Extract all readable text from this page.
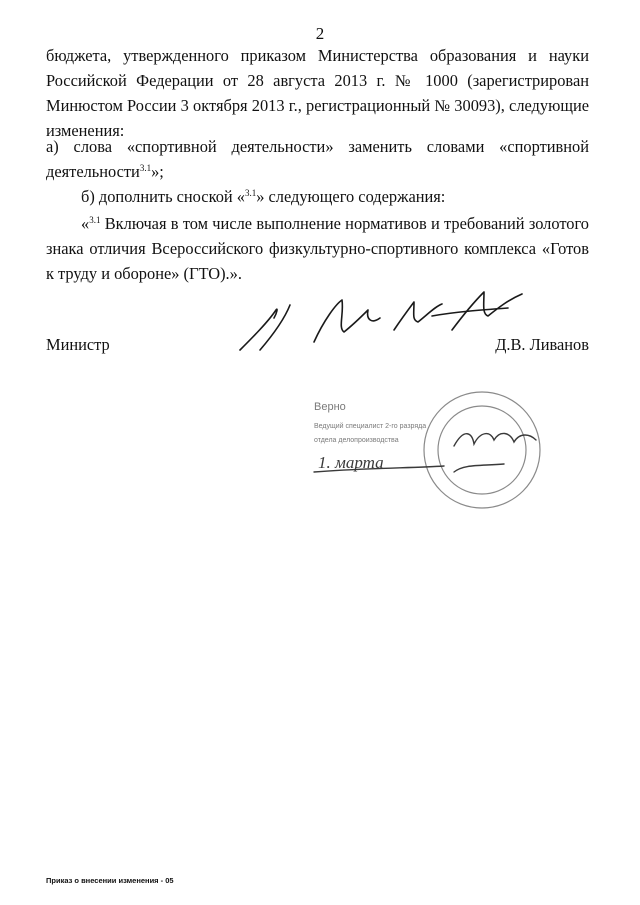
2

бюджета, утвержденного приказом Министерства образования и науки Российской Федерации от 28 августа 2013 г. № 1000 (зарегистрирован Минюстом России 3 октября 2013 г., регистрационный № 30093), следующие изменения:

а) слова «спортивной деятельности» заменить словами «спортивной деятельности$^{3.1}$»;

б) дополнить сноской «$^{3.1}$» следующего содержания:

«$^{3.1}$ Включая в том числе выполнение нормативов и требований золотого знака отличия Всероссийского физкультурно-спортивного комплекса «Готов к труду и обороне» (ГТО).».

Министр	Д.В. Ливанов
Верно
Ведущий специалист 2-го разряда
отдела делопроизводства
1. марта
Приказ о внесении изменения - 05
